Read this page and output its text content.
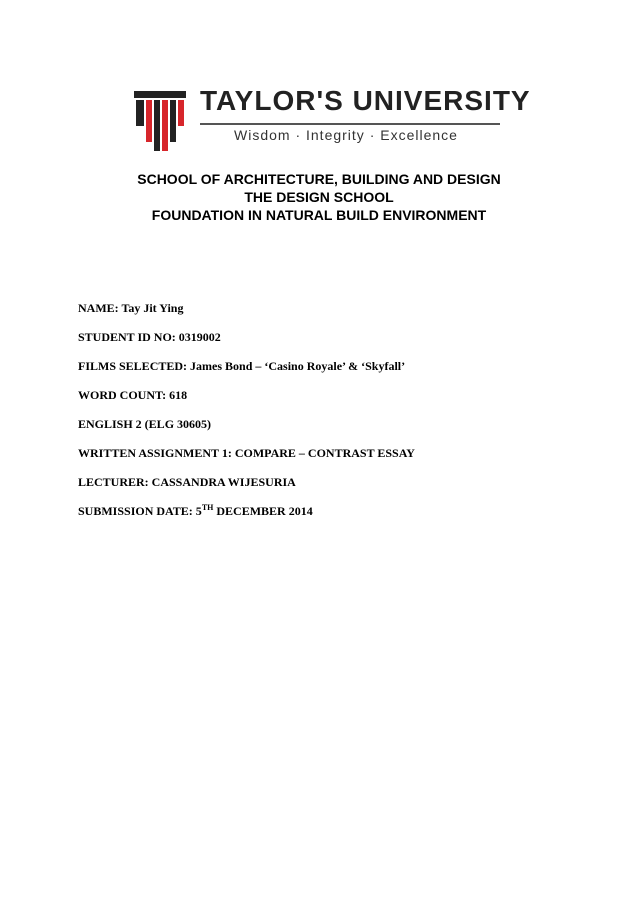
TAYLOR'S UNIVERSITY
Wisdom · Integrity · Excellence
SCHOOL OF ARCHITECTURE, BUILDING AND DESIGN
THE DESIGN SCHOOL
FOUNDATION IN NATURAL BUILD ENVIRONMENT
NAME: Tay Jit Ying
STUDENT ID NO: 0319002
FILMS SELECTED: James Bond – ‘Casino Royale’ & ‘Skyfall’
WORD COUNT: 618
ENGLISH 2 (ELG 30605)
WRITTEN ASSIGNMENT 1: COMPARE – CONTRAST ESSAY
LECTURER: CASSANDRA WIJESURIA
SUBMISSION DATE: 5TH DECEMBER 2014
